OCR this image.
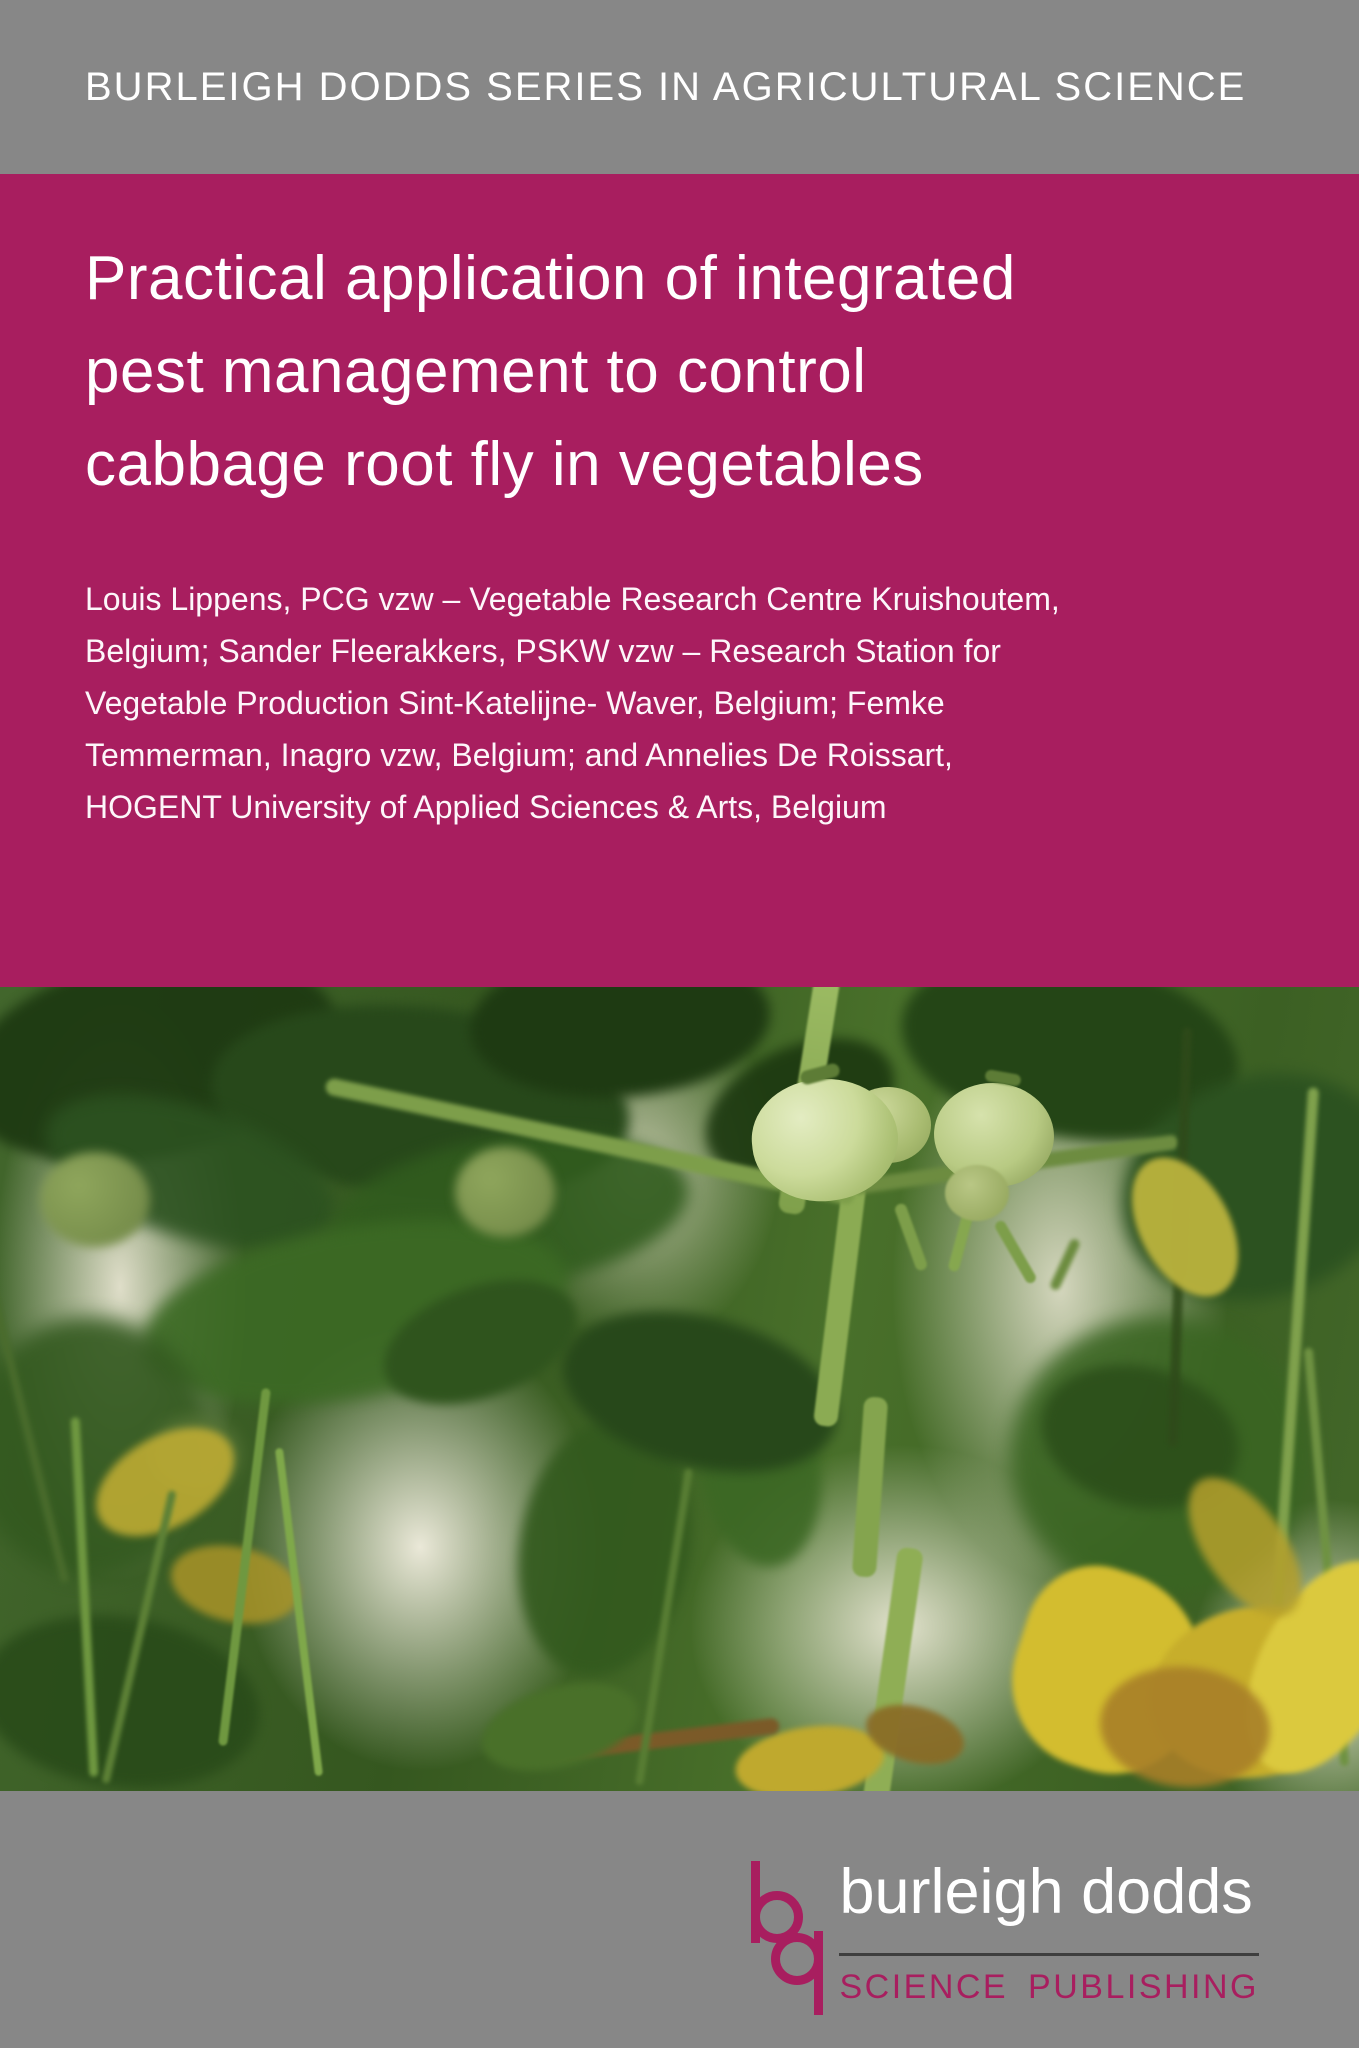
BURLEIGH DODDS SERIES IN AGRICULTURAL SCIENCE
Practical application of integrated
pest management to control
cabbage root fly in vegetables

Louis Lippens, PCG vzw – Vegetable Research Centre Kruishoutem,
Belgium; Sander Fleerakkers, PSKW vzw – Research Station for
Vegetable Production Sint-Katelijne- Waver, Belgium; Femke
Temmerman, Inagro vzw, Belgium; and Annelies De Roissart,
HOGENT University of Applied Sciences & Arts, Belgium

burleigh dodds
SCIENCE PUBLISHING
